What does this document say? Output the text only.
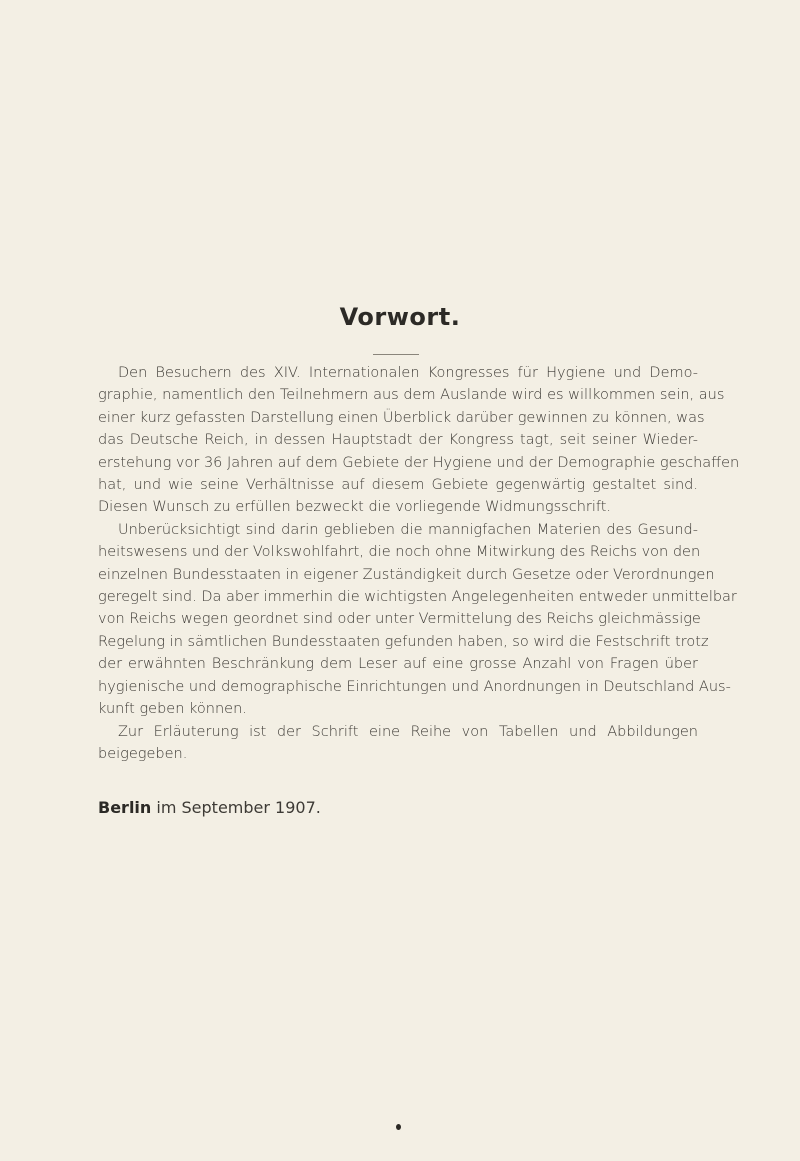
Vorwort.
Den Besuchern des XIV. Internationalen Kongresses für Hygiene und Demo-
graphie, namentlich den Teilnehmern aus dem Auslande wird es willkommen sein, aus
einer kurz gefassten Darstellung einen Überblick darüber gewinnen zu können, was
das Deutsche Reich, in dessen Hauptstadt der Kongress tagt, seit seiner Wieder-
erstehung vor 36 Jahren auf dem Gebiete der Hygiene und der Demographie geschaffen
hat, und wie seine Verhältnisse auf diesem Gebiete gegenwärtig gestaltet sind.
Diesen Wunsch zu erfüllen bezweckt die vorliegende Widmungsschrift.
Unberücksichtigt sind darin geblieben die mannigfachen Materien des Gesund-
heitswesens und der Volkswohlfahrt, die noch ohne Mitwirkung des Reichs von den
einzelnen Bundesstaaten in eigener Zuständigkeit durch Gesetze oder Verordnungen
geregelt sind. Da aber immerhin die wichtigsten Angelegenheiten entweder unmittelbar
von Reichs wegen geordnet sind oder unter Vermittelung des Reichs gleichmässige
Regelung in sämtlichen Bundesstaaten gefunden haben, so wird die Festschrift trotz
der erwähnten Beschränkung dem Leser auf eine grosse Anzahl von Fragen über
hygienische und demographische Einrichtungen und Anordnungen in Deutschland Aus-
kunft geben können.
Zur Erläuterung ist der Schrift eine Reihe von Tabellen und Abbildungen
beigegeben.
Berlin im September 1907.
